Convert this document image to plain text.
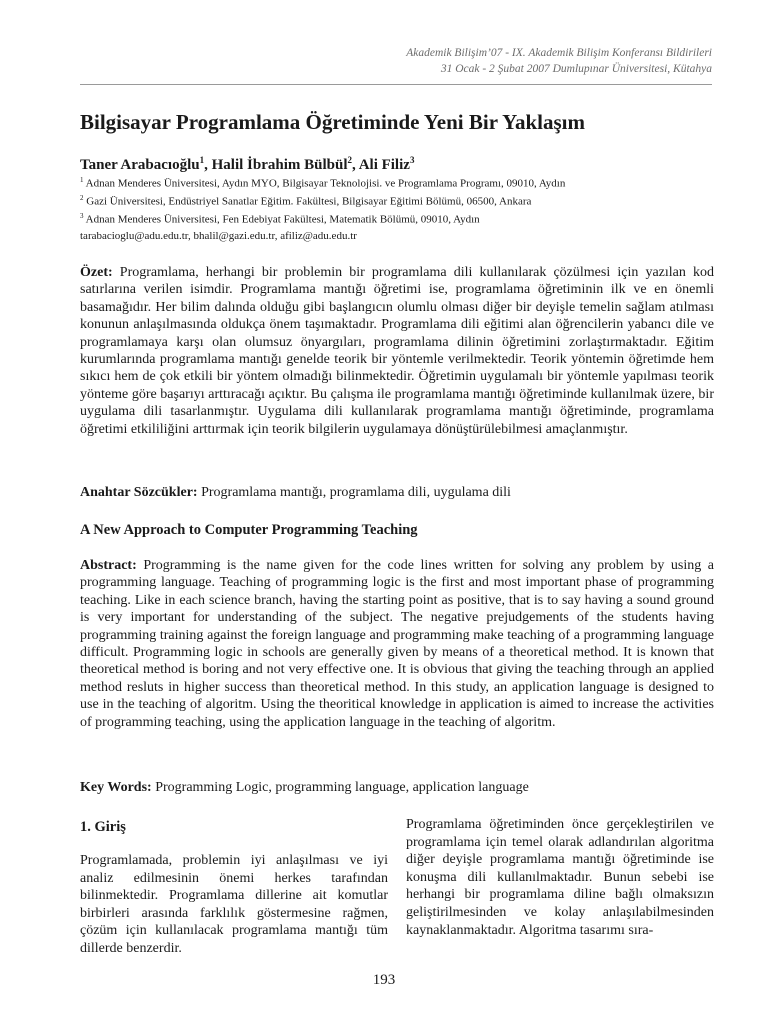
Akademik Bilişim’07 - IX. Akademik Bilişim Konferansı Bildirileri
31 Ocak - 2 Şubat 2007 Dumlupınar Üniversitesi, Kütahya
Bilgisayar Programlama Öğretiminde Yeni Bir Yaklaşım
Taner Arabacıoğlu$^1$, Halil İbrahim Bülbül$^2$, Ali Filiz$^3$
$^1$ Adnan Menderes Üniversitesi, Aydın MYO, Bilgisayar Teknolojisi. ve Programlama Programı, 09010, Aydın
$^2$ Gazi Üniversitesi, Endüstriyel Sanatlar Eğitim. Fakültesi, Bilgisayar Eğitimi Bölümü, 06500, Ankara
$^3$ Adnan Menderes Üniversitesi, Fen Edebiyat Fakültesi, Matematik Bölümü, 09010, Aydın
tarabacioglu@adu.edu.tr, bhalil@gazi.edu.tr, afiliz@adu.edu.tr
Özet: Programlama, herhangi bir problemin bir programlama dili kullanılarak çözülmesi için yazılan kod satırlarına verilen isimdir. Programlama mantığı öğretimi ise, programlama öğretiminin ilk ve en önemli basamağıdır. Her bilim dalında olduğu gibi başlangıcın olumlu olması diğer bir deyişle temelin sağlam atılması konunun anlaşılmasında oldukça önem taşımaktadır. Programlama dili eğitimi alan öğrencilerin yabancı dile ve programlamaya karşı olan olumsuz önyargıları, programlama dilinin öğretimini zorlaştırmaktadır. Eğitim kurumlarında programlama mantığı genelde teorik bir yöntemle verilmektedir. Teorik yöntemin öğretimde hem sıkıcı hem de çok etkili bir yöntem olmadığı bilinmektedir. Öğretimin uygulamalı bir yöntemle yapılması teorik yönteme göre başarıyı arttıracağı açıktır. Bu çalışma ile programlama mantığı öğretiminde kullanılmak üzere, bir uygulama dili tasarlanmıştır. Uygulama dili kullanılarak programlama mantığı öğretiminde, programlama öğretimi etkililiğini arttırmak için teorik bilgilerin uygulamaya dönüştürülebilmesi amaçlanmıştır.
Anahtar Sözcükler: Programlama mantığı, programlama dili, uygulama dili
A New Approach to Computer Programming Teaching
Abstract: Programming is the name given for the code lines written for solving any problem by using a programming language. Teaching of programming logic is the first and most important phase of programming teaching. Like in each science branch, having the starting point as positive, that is to say having a sound ground is very important for understanding of the subject. The negative prejudgements of the students having programming training against the foreign language and programming make teaching of a programming language difficult. Programming logic in schools are generally given by means of a theoretical method. It is known that theoretical method is boring and not very effective one. It is obvious that giving the teaching through an applied method resluts in higher success than theoretical method. In this study, an application language is designed to use in the teaching of algoritm. Using the theoritical knowledge in application is aimed to increase the activities of programming teaching, using the application language in the teaching of algoritm.
Key Words: Programming Logic, programming language, application language
1. Giriş
Programlamada, problemin iyi anlaşılması ve iyi analiz edilmesinin önemi herkes tarafından bilinmektedir. Programlama dillerine ait komutlar birbirleri arasında farklılık göstermesine rağmen, çözüm için kullanılacak programlama mantığı tüm dillerde benzerdir.
Programlama öğretiminden önce gerçekleştirilen ve programlama için temel olarak adlandırılan algoritma diğer deyişle programlama mantığı öğretiminde ise konuşma dili kullanılmaktadır. Bunun sebebi ise herhangi bir programlama diline bağlı olmaksızın geliştirilmesinden ve kolay anlaşılabilmesinden kaynaklanmaktadır. Algoritma tasarımı sıra-
193
